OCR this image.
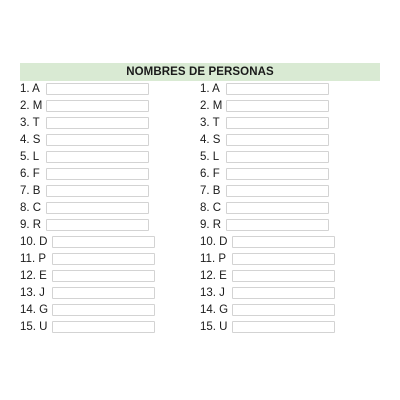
NOMBRES DE PERSONAS
1. A
2. M
3. T
4. S
5. L
6. F
7. B
8. C
9. R
10. D
11. P
12. E
13. J
14. G
15. U
1. A
2. M
3. T
4. S
5. L
6. F
7. B
8. C
9. R
10. D
11. P
12. E
13. J
14. G
15. U
